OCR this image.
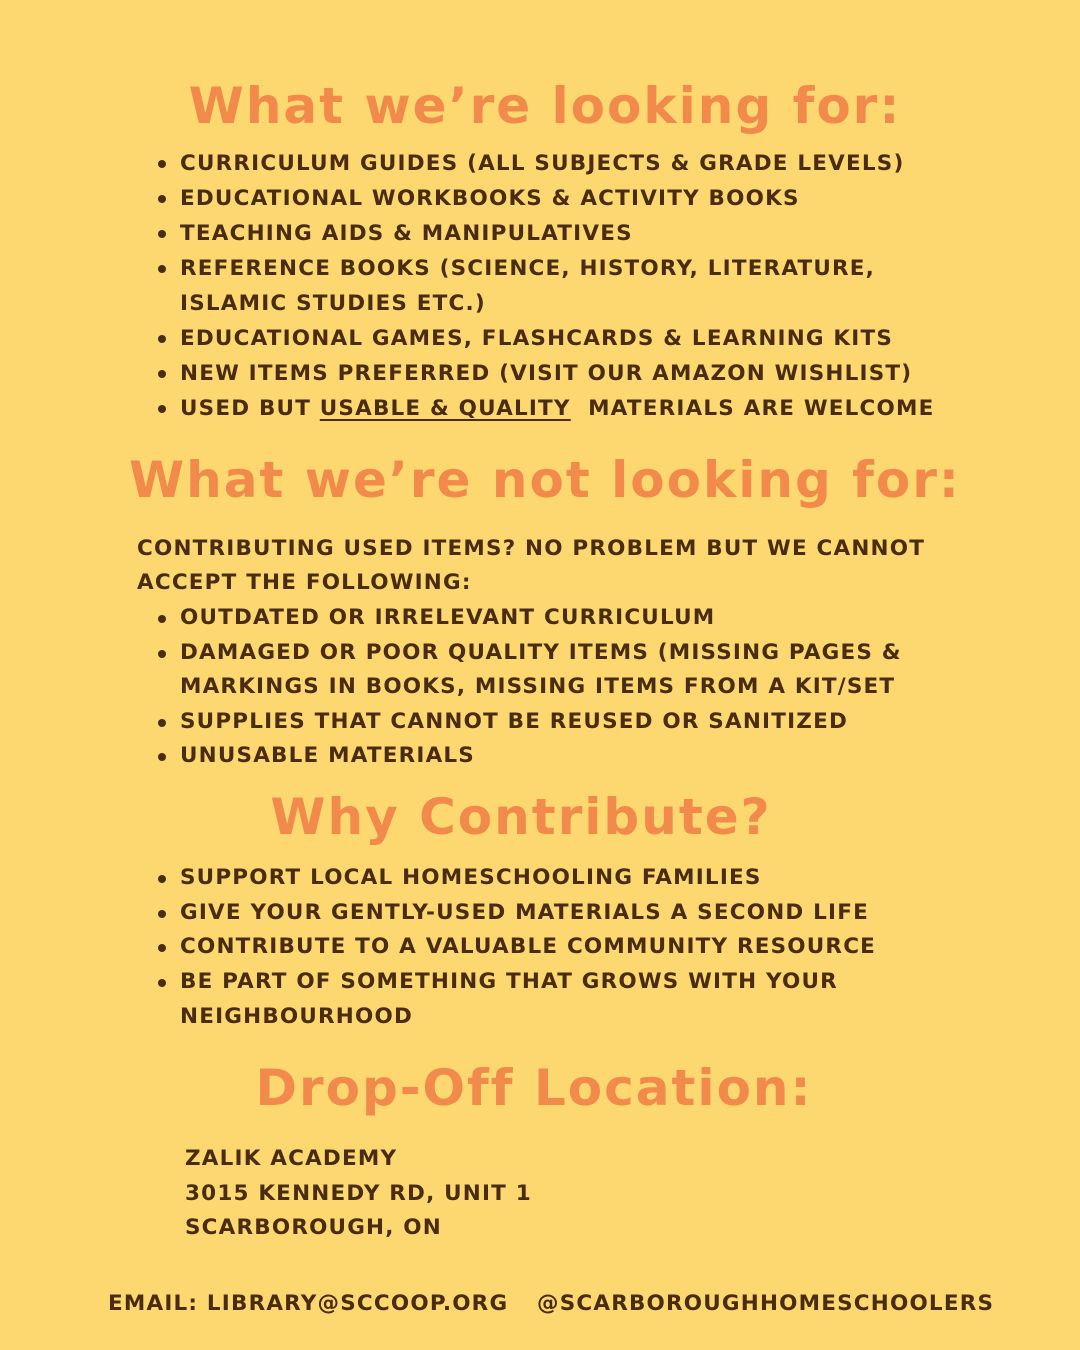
What we’re looking for:
CURRICULUM GUIDES (ALL SUBJECTS & GRADE LEVELS)
EDUCATIONAL WORKBOOKS & ACTIVITY BOOKS
TEACHING AIDS & MANIPULATIVES
REFERENCE BOOKS (SCIENCE, HISTORY, LITERATURE,
ISLAMIC STUDIES ETC.)
EDUCATIONAL GAMES, FLASHCARDS & LEARNING KITS
NEW ITEMS PREFERRED (VISIT OUR AMAZON WISHLIST)
USED BUT USABLE & QUALITY  MATERIALS ARE WELCOME
What we’re not looking for:
CONTRIBUTING USED ITEMS? NO PROBLEM BUT WE CANNOT
ACCEPT THE FOLLOWING:
OUTDATED OR IRRELEVANT CURRICULUM
DAMAGED OR POOR QUALITY ITEMS (MISSING PAGES &
MARKINGS IN BOOKS, MISSING ITEMS FROM A KIT/SET
SUPPLIES THAT CANNOT BE REUSED OR SANITIZED
UNUSABLE MATERIALS
Why Contribute?
SUPPORT LOCAL HOMESCHOOLING FAMILIES
GIVE YOUR GENTLY-USED MATERIALS A SECOND LIFE
CONTRIBUTE TO A VALUABLE COMMUNITY RESOURCE
BE PART OF SOMETHING THAT GROWS WITH YOUR
NEIGHBOURHOOD
Drop-Off Location:
ZALIK ACADEMY
3015 KENNEDY RD, UNIT 1
SCARBOROUGH, ON
EMAIL: LIBRARY@SCCOOP.ORG @SCARBOROUGHHOMESCHOOLERS
